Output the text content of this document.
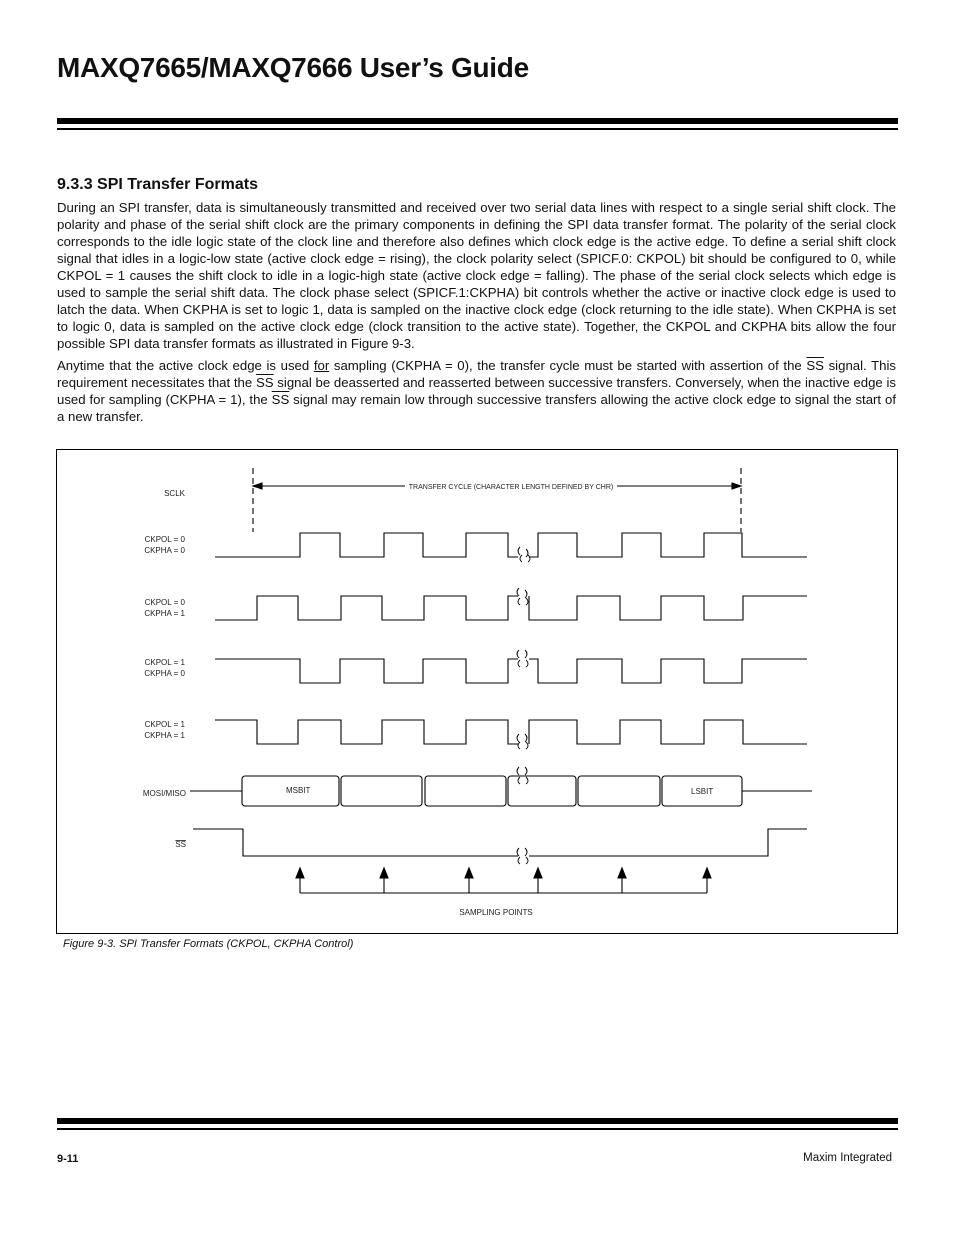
MAXQ7665/MAXQ7666 User’s Guide
9.3.3 SPI Transfer Formats

During an SPI transfer, data is simultaneously transmitted and received over two serial data lines with respect to a single serial shift clock. The polarity and phase of the serial shift clock are the primary components in defining the SPI data transfer format. The polarity of the serial clock corresponds to the idle logic state of the clock line and therefore also defines which clock edge is the active edge. To define a serial shift clock signal that idles in a logic-low state (active clock edge = rising), the clock polarity select (SPICF.0: CKPOL) bit should be configured to 0, while CKPOL = 1 causes the shift clock to idle in a logic-high state (active clock edge = falling). The phase of the serial clock selects which edge is used to sample the serial shift data. The clock phase select (SPICF.1:CKPHA) bit controls whether the active or inactive clock edge is used to latch the data. When CKPHA is set to logic 1, data is sampled on the inactive clock edge (clock returning to the idle state). When CKPHA is set to logic 0, data is sampled on the active clock edge (clock transition to the active state). Together, the CKPOL and CKPHA bits allow the four possible SPI data transfer formats as illustrated in Figure 9-3.

Anytime that the active clock edge is used for sampling (CKPHA = 0), the transfer cycle must be started with assertion of the $\overline{SS}$ signal. This requirement necessitates that the $\overline{SS}$ signal be deasserted and reasserted between successive transfers. Conversely, when the inactive edge is used for sampling (CKPHA = 1), the $\overline{SS}$ signal may remain low through successive transfers allowing the active clock edge to signal the start of a new transfer.

SCLK
TRANSFER CYCLE (CHARACTER LENGTH DEFINED BY CHR)
CKPOL = 0
CKPHA = 0
CKPOL = 0
CKPHA = 1
CKPOL = 1
CKPHA = 0
CKPOL = 1
CKPHA = 1
MOSI/MISO	MSBIT	LSBIT
SS
SAMPLING POINTS
Figure 9-3. SPI Transfer Formats (CKPOL, CKPHA Control)
9-11	Maxim Integrated
